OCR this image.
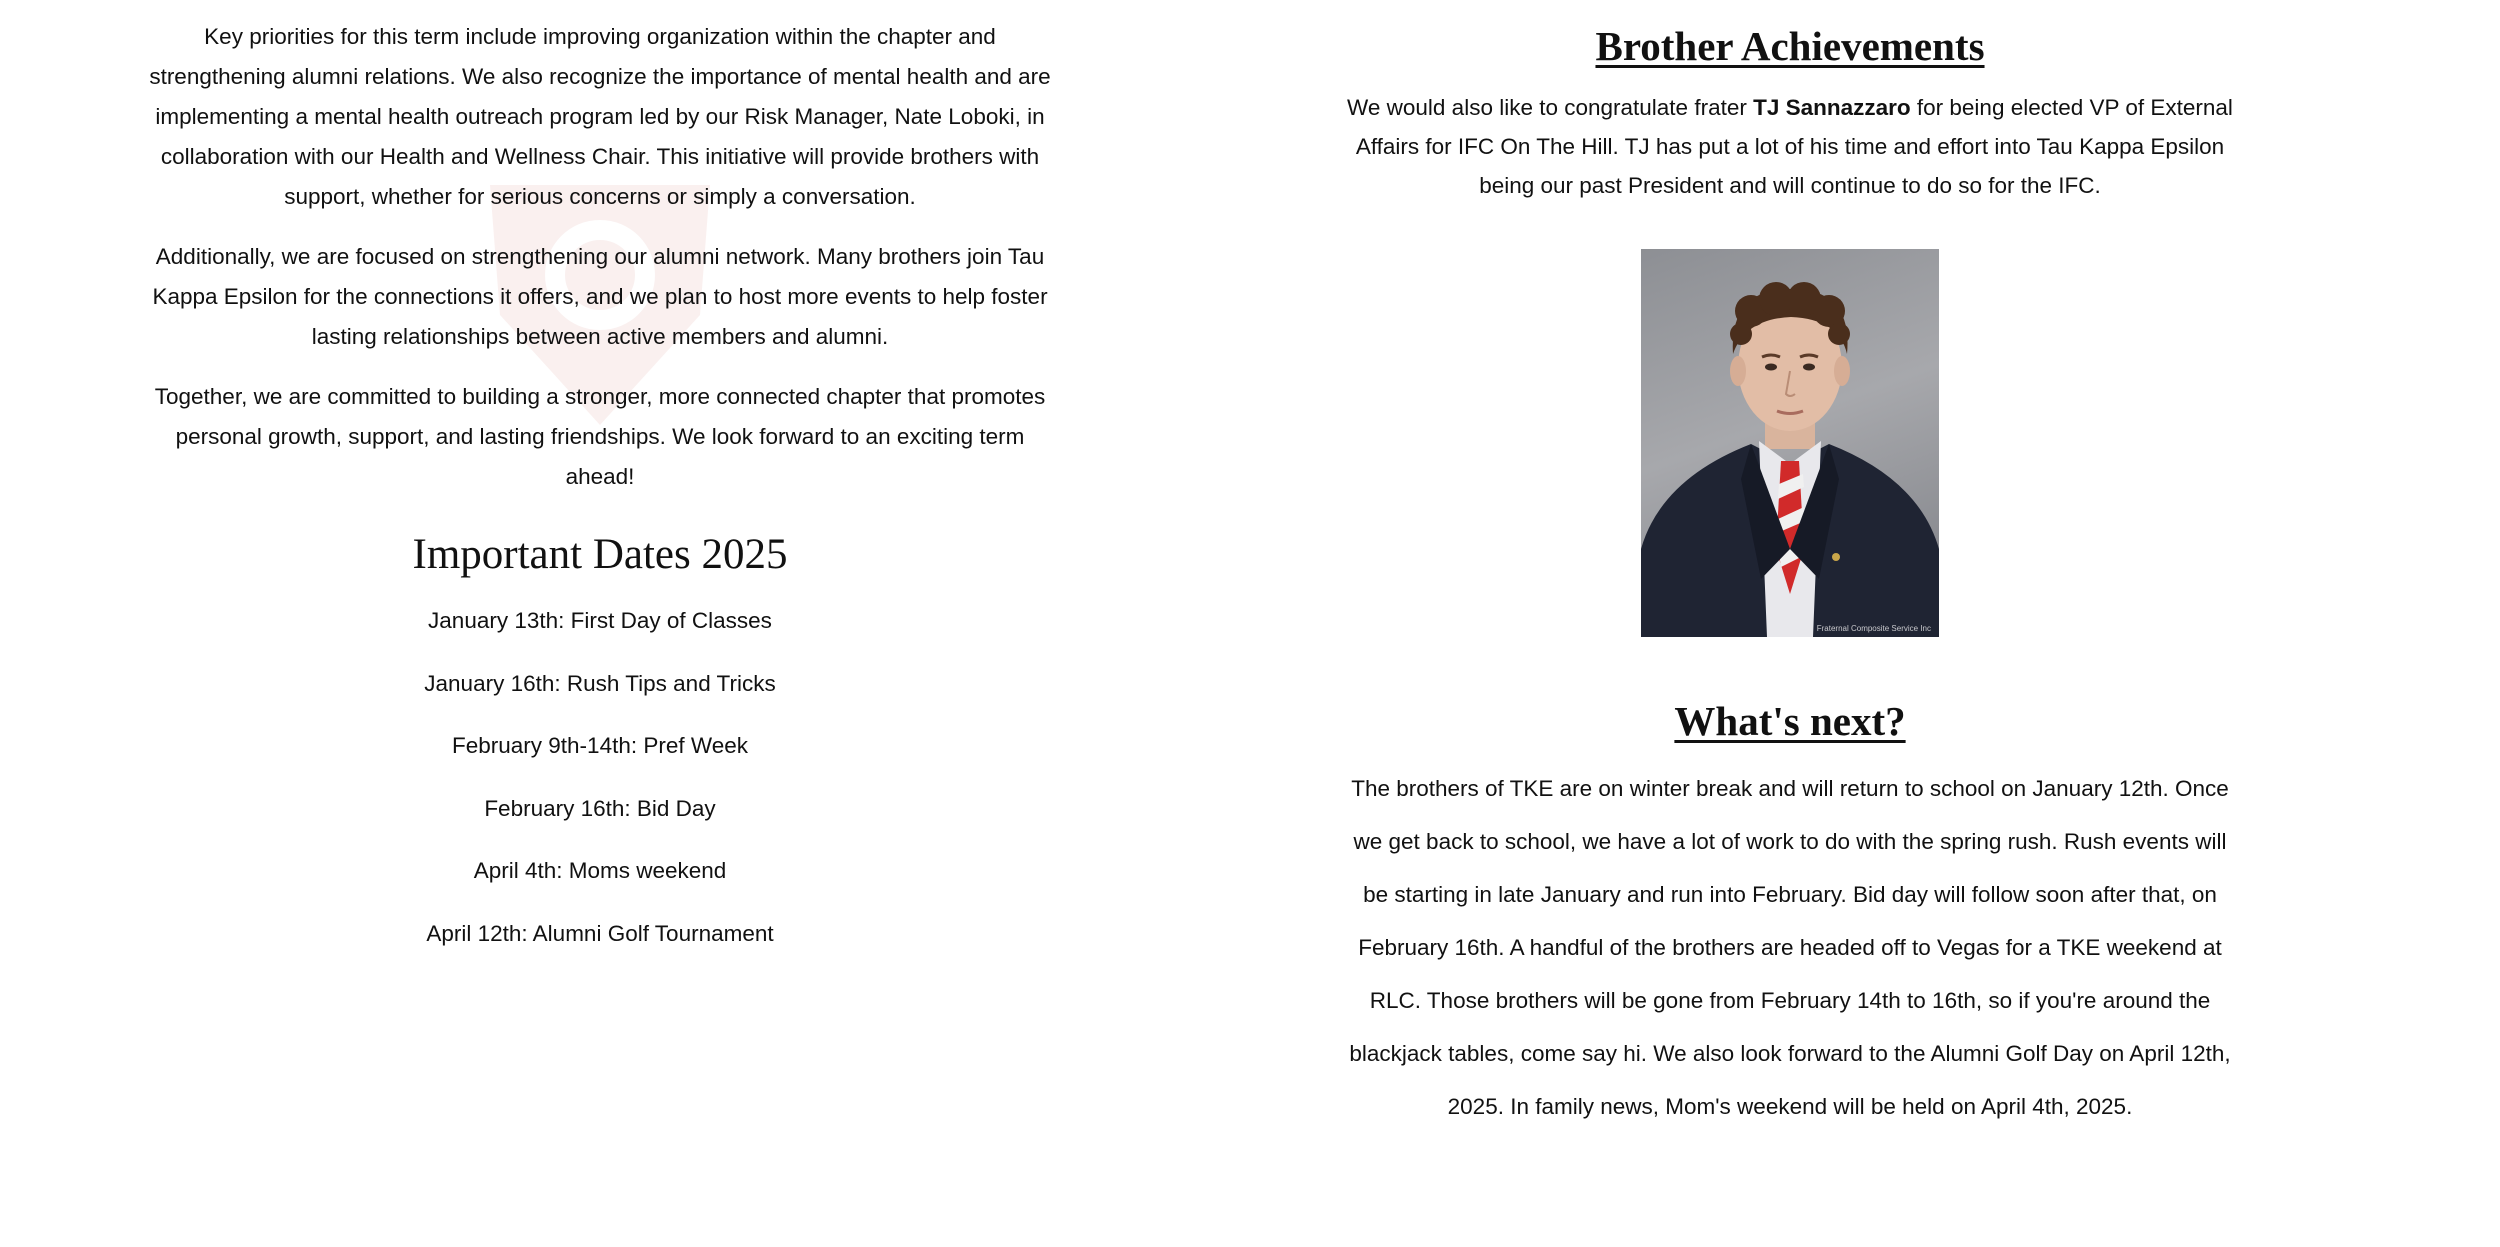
Key priorities for this term include improving organization within the chapter and strengthening alumni relations. We also recognize the importance of mental health and are implementing a mental health outreach program led by our Risk Manager, Nate Loboki, in collaboration with our Health and Wellness Chair. This initiative will provide brothers with support, whether for serious concerns or simply a conversation.

Additionally, we are focused on strengthening our alumni network. Many brothers join Tau Kappa Epsilon for the connections it offers, and we plan to host more events to help foster lasting relationships between active members and alumni.

Together, we are committed to building a stronger, more connected chapter that promotes personal growth, support, and lasting friendships. We look forward to an exciting term ahead!

Important Dates 2025

January 13th: First Day of Classes

January 16th: Rush Tips and Tricks

February 9th-14th: Pref Week

February 16th: Bid Day

April 4th: Moms weekend

April 12th: Alumni Golf Tournament

Brother Achievements

We would also like to congratulate frater TJ Sannazzaro for being elected VP of External Affairs for IFC On The Hill. TJ has put a lot of his time and effort into Tau Kappa Epsilon being our past President and will continue to do so for the IFC.

Fraternal Composite Service Inc
What's next?

The brothers of TKE are on winter break and will return to school on January 12th. Once we get back to school, we have a lot of work to do with the spring rush. Rush events will be starting in late January and run into February. Bid day will follow soon after that, on February 16th. A handful of the brothers are headed off to Vegas for a TKE weekend at RLC. Those brothers will be gone from February 14th to 16th, so if you're around the blackjack tables, come say hi. We also look forward to the Alumni Golf Day on April 12th, 2025. In family news, Mom's weekend will be held on April 4th, 2025.
